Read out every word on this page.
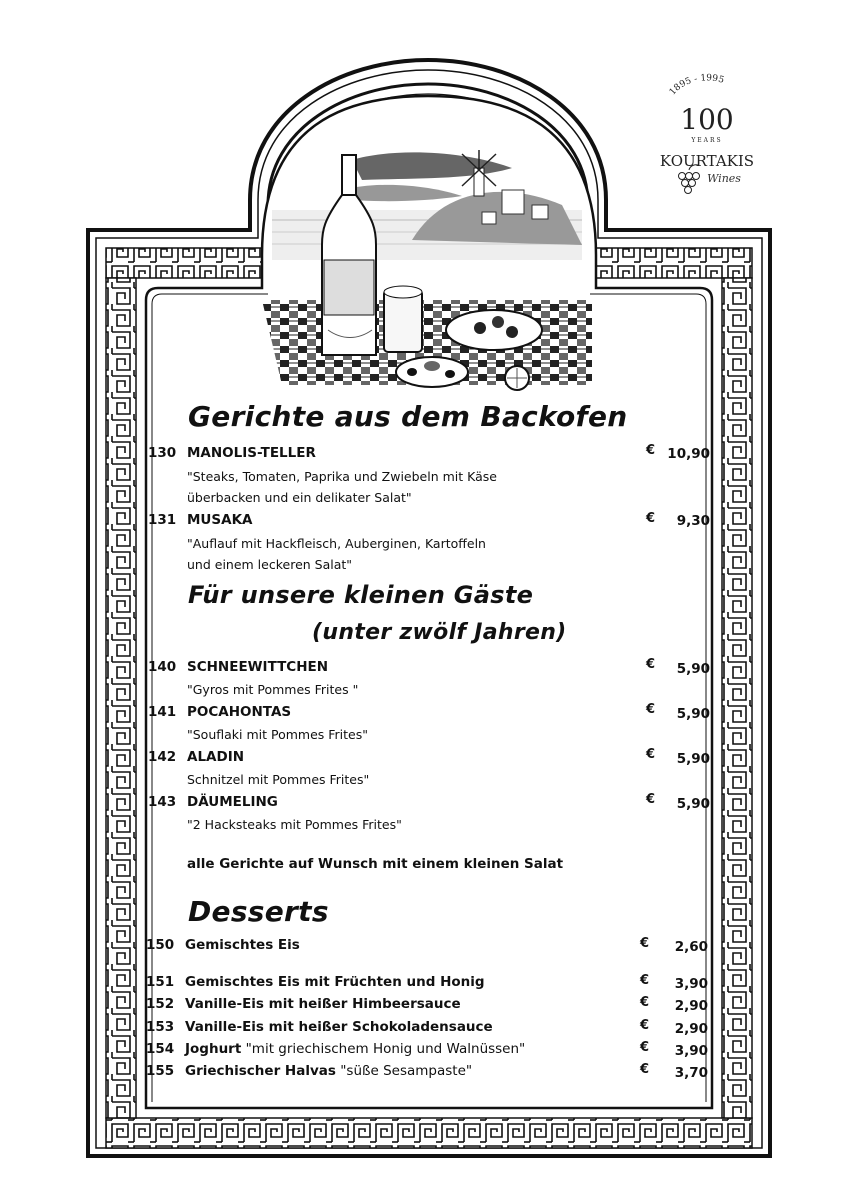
1895 - 1995
100
YEARS
KOURTAKIS
Wines
Gerichte aus dem Backofen
130 MANOLIS-TELLER	€ 10,90
"Steaks, Tomaten, Paprika und Zwiebeln mit Käse
überbacken und ein delikater Salat"
131 MUSAKA	€	9,30
"Auflauf mit Hackfleisch, Auberginen, Kartoffeln
und einem leckeren Salat"
Für unsere kleinen Gäste
(unter zwölf Jahren)
140 SCHNEEWITTCHEN	€	5,90
"Gyros mit Pommes Frites "
141 POCAHONTAS	€	5,90
"Souflaki mit Pommes Frites"
142 ALADIN	€	5,90
Schnitzel mit Pommes Frites"
143 DÄUMELING	€	5,90
"2 Hacksteaks mit Pommes Frites"
alle Gerichte auf Wunsch mit einem kleinen Salat
Desserts
150 Gemischtes Eis	€	2,60
151 Gemischtes Eis mit Früchten und Honig	€	3,90
152 Vanille-Eis mit heißer Himbeersauce	€	2,90
153 Vanille-Eis mit heißer Schokoladensauce	€	2,90
154 Joghurt "mit griechischem Honig und Walnüssen"	€	3,90
155 Griechischer Halvas "süße Sesampaste"	€	3,70
